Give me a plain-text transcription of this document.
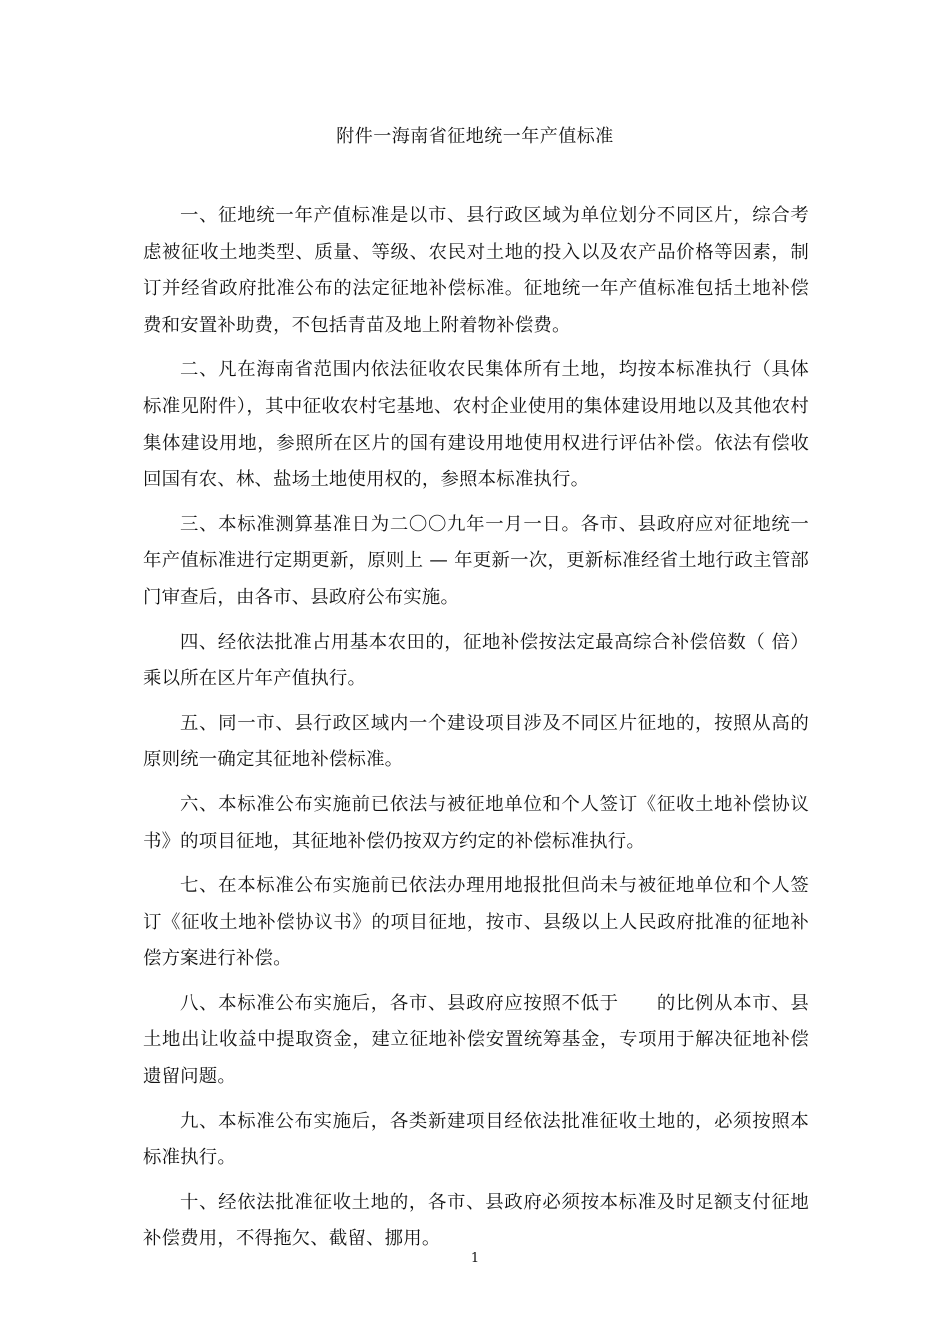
附件一海南省征地统一年产值标准

一、征地统一年产值标准是以市、县行政区域为单位划分不同区片，综合考虑被征收土地类型、质量、等级、农民对土地的投入以及农产品价格等因素，制订并经省政府批准公布的法定征地补偿标准。征地统一年产值标准包括土地补偿费和安置补助费，不包括青苗及地上附着物补偿费。

二、凡在海南省范围内依法征收农民集体所有土地，均按本标准执行（具体标准见附件），其中征收农村宅基地、农村企业使用的集体建设用地以及其他农村集体建设用地，参照所在区片的国有建设用地使用权进行评估补偿。依法有偿收回国有农、林、盐场土地使用权的，参照本标准执行。

三、本标准测算基准日为二〇〇九年一月一日。各市、县政府应对征地统一年产值标准进行定期更新，原则上 — 年更新一次，更新标准经省土地行政主管部门审查后，由各市、县政府公布实施。

四、经依法批准占用基本农田的，征地补偿按法定最高综合补偿倍数（ 倍）乘以所在区片年产值执行。

五、同一市、县行政区域内一个建设项目涉及不同区片征地的，按照从高的原则统一确定其征地补偿标准。

六、本标准公布实施前已依法与被征地单位和个人签订《征收土地补偿协议书》的项目征地，其征地补偿仍按双方约定的补偿标准执行。

七、在本标准公布实施前已依法办理用地报批但尚未与被征地单位和个人签订《征收土地补偿协议书》的项目征地，按市、县级以上人民政府批准的征地补偿方案进行补偿。

八、本标准公布实施后，各市、县政府应按照不低于　　的比例从本市、县土地出让收益中提取资金，建立征地补偿安置统筹基金，专项用于解决征地补偿遗留问题。

九、本标准公布实施后，各类新建项目经依法批准征收土地的，必须按照本标准执行。

十、经依法批准征收土地的，各市、县政府必须按本标准及时足额支付征地补偿费用，不得拖欠、截留、挪用。

1
